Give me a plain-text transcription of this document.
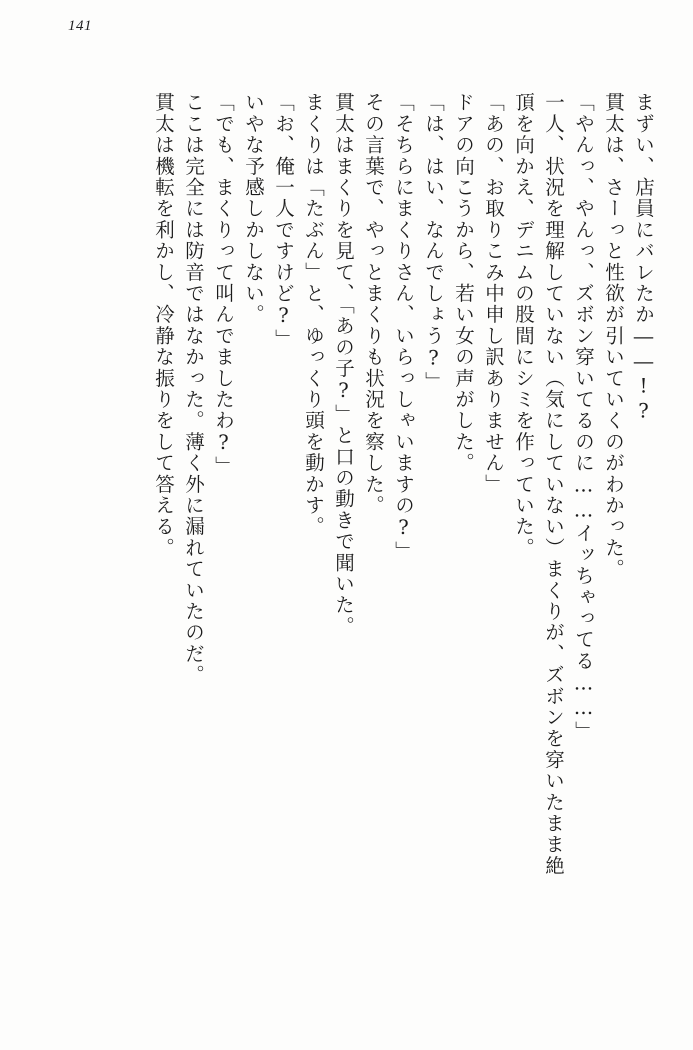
141
まずい、店員にバレたか――!?
貫太は、さーっと性欲が引いていくのがわかった。
「やんっ、やんっ、ズボン穿いてるのに……イッちゃってる……」
一人、状況を理解していない（気にしていない）まくりが、ズボンを穿いたまま絶
頂を向かえ、デニムの股間にシミを作っていた。
「あの、お取りこみ中申し訳ありません」
ドアの向こうから、若い女の声がした。
「は、はい、なんでしょう?」
「そちらにまくりさん、いらっしゃいますの?」
その言葉で、やっとまくりも状況を察した。
貫太はまくりを見て、「あの子?」と口の動きで聞いた。
まくりは「たぶん」と、ゆっくり頭を動かす。
「お、俺一人ですけど?」
いやな予感しかしない。
「でも、まくりって叫んでましたわ?」
ここは完全には防音ではなかった。薄く外に漏れていたのだ。
貫太は機転を利かし、冷静な振りをして答える。
